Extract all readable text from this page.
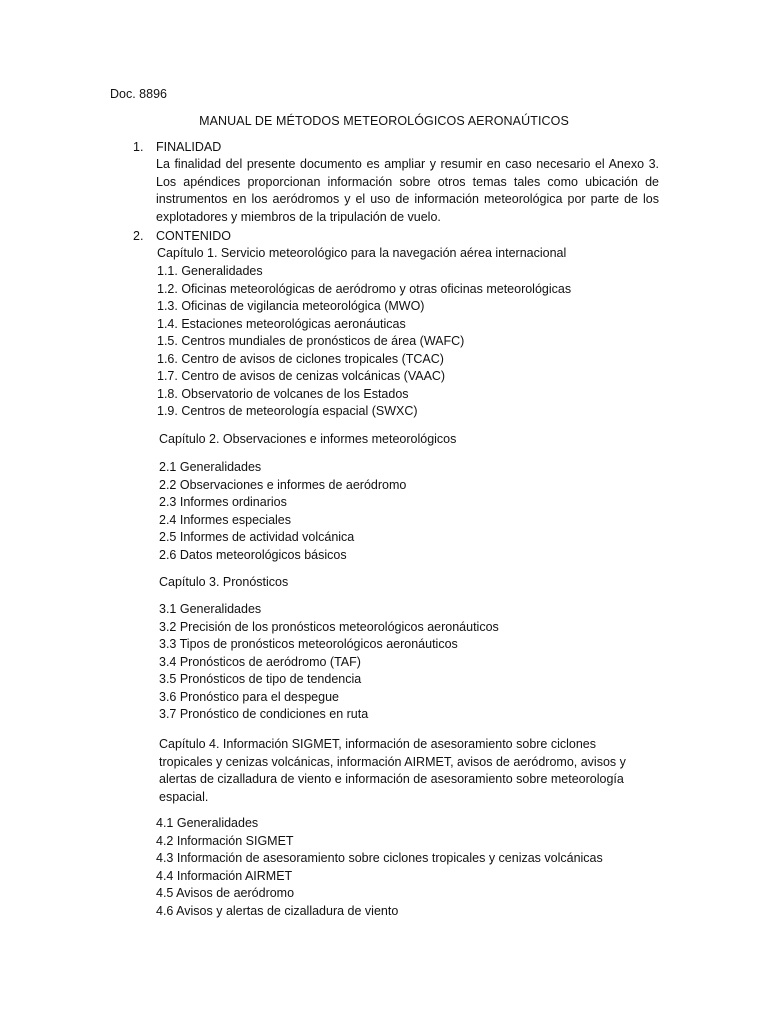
Doc. 8896
MANUAL DE MÉTODOS METEOROLÓGICOS AERONAÚTICOS
1.	FINALIDAD

La finalidad del presente documento es ampliar y resumir en caso necesario el Anexo 3. Los apéndices proporcionan información sobre otros temas tales como ubicación de instrumentos en los aeródromos y el uso de información meteorológica por parte de los explotadores y miembros de la tripulación de vuelo.

2.	CONTENIDO

Capítulo 1. Servicio meteorológico para la navegación aérea internacional

1.1. Generalidades
1.2. Oficinas meteorológicas de aeródromo y otras oficinas meteorológicas
1.3. Oficinas de vigilancia meteorológica (MWO)
1.4. Estaciones meteorológicas aeronáuticas
1.5. Centros mundiales de pronósticos de área (WAFC)
1.6. Centro de avisos de ciclones tropicales (TCAC)
1.7. Centro de avisos de cenizas volcánicas (VAAC)
1.8. Observatorio de volcanes de los Estados
1.9. Centros de meteorología espacial (SWXC)

Capítulo 2. Observaciones e informes meteorológicos

2.1 Generalidades
2.2 Observaciones e informes de aeródromo
2.3 Informes ordinarios
2.4 Informes especiales
2.5 Informes de actividad volcánica
2.6 Datos meteorológicos básicos

Capítulo 3. Pronósticos

3.1 Generalidades
3.2 Precisión de los pronósticos meteorológicos aeronáuticos
3.3 Tipos de pronósticos meteorológicos aeronáuticos
3.4 Pronósticos de aeródromo (TAF)
3.5 Pronósticos de tipo de tendencia
3.6 Pronóstico para el despegue
3.7 Pronóstico de condiciones en ruta

Capítulo 4. Información SIGMET, información de asesoramiento sobre ciclones tropicales y cenizas volcánicas, información AIRMET, avisos de aeródromo, avisos y alertas de cizalladura de viento e información de asesoramiento sobre meteorología espacial.

4.1 Generalidades
4.2 Información SIGMET
4.3 Información de asesoramiento sobre ciclones tropicales y cenizas volcánicas
4.4 Información AIRMET
4.5 Avisos de aeródromo
4.6 Avisos y alertas de cizalladura de viento
